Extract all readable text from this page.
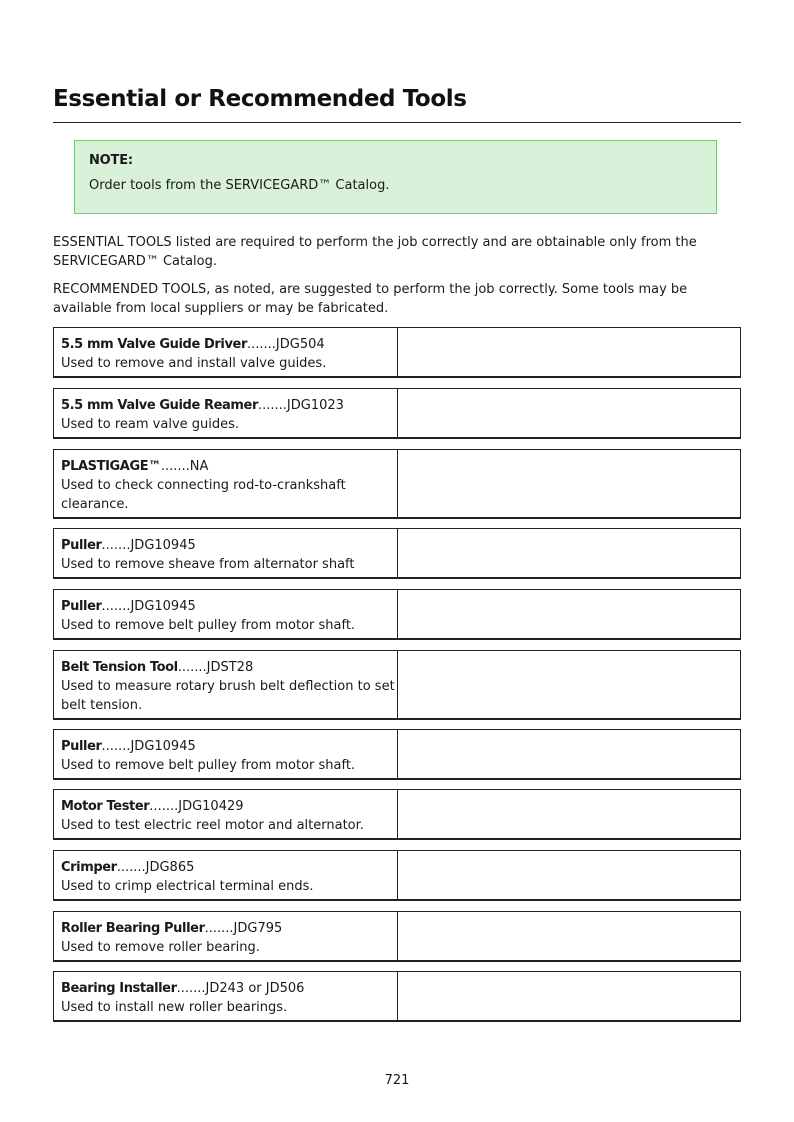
Essential or Recommended Tools
NOTE:
Order tools from the SERVICEGARD™ Catalog.

ESSENTIAL TOOLS listed are required to perform the job correctly and are obtainable only from the SERVICEGARD™ Catalog.

RECOMMENDED TOOLS, as noted, are suggested to perform the job correctly. Some tools may be available from local suppliers or may be fabricated.

5.5 mm Valve Guide Driver.......JDG504
Used to remove and install valve guides.
5.5 mm Valve Guide Reamer.......JDG1023
Used to ream valve guides.
PLASTIGAGE™.......NA
Used to check connecting rod-to-crankshaft clearance.
Puller.......JDG10945
Used to remove sheave from alternator shaft
Puller.......JDG10945
Used to remove belt pulley from motor shaft.
Belt Tension Tool.......JDST28
Used to measure rotary brush belt deflection to set belt tension.
Puller.......JDG10945
Used to remove belt pulley from motor shaft.
Motor Tester.......JDG10429
Used to test electric reel motor and alternator.
Crimper.......JDG865
Used to crimp electrical terminal ends.
Roller Bearing Puller.......JDG795
Used to remove roller bearing.
Bearing Installer.......JD243 or JD506
Used to install new roller bearings.
721
